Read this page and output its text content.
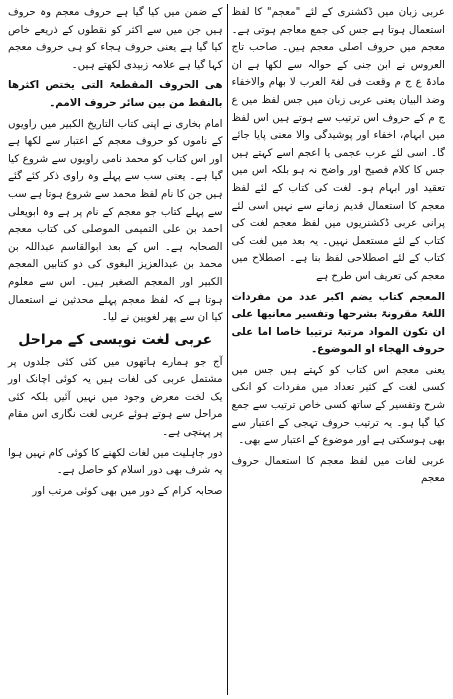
عربی زبان میں ڈکشنری کے لئے "معجم" کا لفظ استعمال ہوتا ہے جس کی جمع معاجم ہوتی ہے۔ معجم میں حروف اصلی معجم ہیں۔ صاحب تاج العروس نے ابن جنی کے حوالہ سے لکھا ہے ان مادۃ ع ج م وقعت فی لغۃ العرب لا بھام والاخفاء وضد البیان یعنی عربی زبان میں جس لفظ میں ع ج م کے حروف اس ترتیب سے ہوتے ہیں اس لفظ میں ابہام، اخفاء اور پوشیدگی والا معنی پایا جائے گا۔ اسی لئے عرب عجمی یا اعجم اسے کہتے ہیں جس کا کلام فصیح اور واضح نہ ہو بلکہ اس میں تعقید اور ابہام ہو۔ لغت کی کتاب کے لئے لفظ معجم کا استعمال قدیم زمانے سے نہیں اسی لئے پرانی عربی ڈکشنریوں میں لفظ معجم لغت کی کتاب کے لئے مستعمل نہیں۔ یہ بعد میں لغت کی کتاب کے لئے اصطلاحی لفظ بنا ہے۔ اصطلاح میں معجم کی تعریف اس طرح ہے

المعجم کتاب یضم اکبر عدد من مفردات اللغۃ مقرونۃ بشرحھا وتفسیر معانیھا علی ان تکون المواد مرتبۃ ترتیبا خاصا اما علی حروف الھجاء او الموضوع۔

یعنی معجم اس کتاب کو کہتے ہیں جس میں کسی لغت کے کثیر تعداد میں مفردات کو انکی شرح وتفسیر کے ساتھ کسی خاص ترتیب سے جمع کیا گیا ہو۔ یہ ترتیب حروف تہجی کے اعتبار سے بھی ہوسکتی ہے اور موضوع کے اعتبار سے بھی۔

عربی لغات میں لفظ معجم کا استعمال حروف معجم

کے ضمن میں کیا گیا ہے حروف معجم وہ حروف ہیں جن میں سے اکثر کو نقطوں کے ذریعے خاص کیا گیا ہے یعنی حروف ہجاء کو ہی حروف معجم کہا گیا ہے علامہ زبیدی لکھتے ہیں۔

ھی الحروف المقطعۃ التی یختص اکثرھا بالنقط من بین سائر حروف الامم۔

امام بخاری نے اپنی کتاب التاریخ الکبیر میں راویوں کے ناموں کو حروف معجم کے اعتبار سے لکھا ہے اور اس کتاب کو محمد نامی راویوں سے شروع کیا گیا ہے۔ یعنی سب سے پہلے وہ راوی ذکر کئے گئے ہیں جن کا نام لفظ محمد سے شروع ہوتا ہے سب سے پہلے کتاب جو معجم کے نام پر ہے وہ ابویعلی احمد بن علی التمیمی الموصلی کی کتاب معجم الصحابہ ہے۔ اس کے بعد ابوالقاسم عبداللہ بن محمد بن عبدالعزیز البغوی کی دو کتابیں المعجم الکبیر اور المعجم الصغیر ہیں۔ اس سے معلوم ہوتا ہے کہ لفظ معجم پہلے محدثین نے استعمال کیا ان سے پھر لغویین نے لیا۔

عربی لغت نویسی کے مراحل

آج جو ہمارے ہاتھوں میں کئی کئی جلدوں پر مشتمل عربی کی لغات ہیں یہ کوئی اچانک اور یک لخت معرض وجود میں نہیں آئیں بلکہ کئی مراحل سے ہوتے ہوئے عربی لغت نگاری اس مقام پر پہنچی ہے۔

دور جاہلیت میں لغات لکھنے کا کوئی کام نہیں ہوا یہ شرف بھی دور اسلام کو حاصل ہے۔

صحابہ کرام کے دور میں بھی کوئی مرتب اور
